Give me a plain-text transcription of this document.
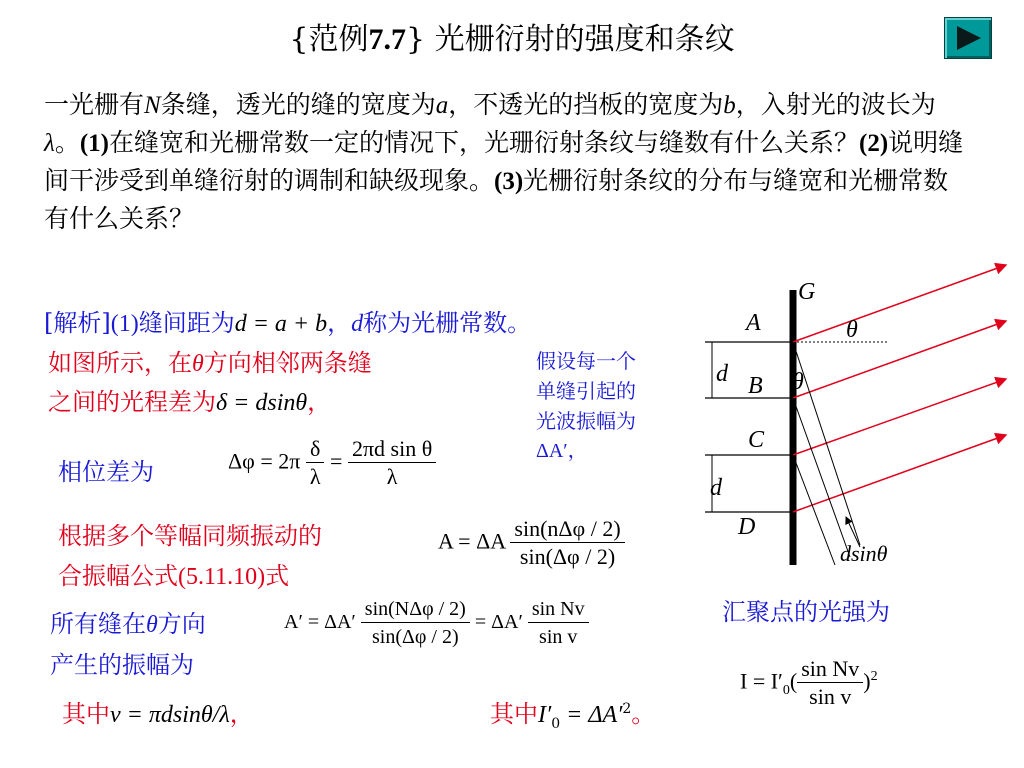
{范例7.7} 光栅衍射的强度和条纹
一光栅有N条缝，透光的缝的宽度为a，不透光的挡板的宽度为b，入射光的波长为λ。(1)在缝宽和光栅常数一定的情况下，光珊衍射条纹与缝数有什么关系？(2)说明缝间干涉受到单缝衍射的调制和缺级现象。(3)光栅衍射条纹的分布与缝宽和光栅常数有什么关系？
[解析](1)缝间距为d = a + b，d称为光栅常数。
如图所示，在θ方向相邻两条缝
之间的光程差为δ = dsinθ，
假设每一个
单缝引起的
光波振幅为
ΔA′，
相位差为	$\Delta\varphi = 2\pi \frac{\delta}{\lambda} = \frac{\text{2πd sin θ}}{\lambda}$
根据多个等幅同频振动的
合振幅公式(5.11.10)式
A = ΔA $\frac{\text{sin(nΔφ / 2)}}{\sin(\Delta\varphi / 2)}$
所有缝在θ方向
产生的振幅为
$A' = \Delta A' \frac{\text{sin(NΔφ / 2)}}{\sin(\Delta\varphi / 2)} = \Delta A' \frac{\text{sin Nv}}{\text{sin v}}$	汇聚点的光强为
$I = I'_0( \frac{\text{sin Nv}}{\text{sin v}} )^2$
其中v = πdsinθ/λ，	其中$I'_0 = \Delta A'^2$。
G
A
B
C
D
d
d
θ
θ
dsinθ
